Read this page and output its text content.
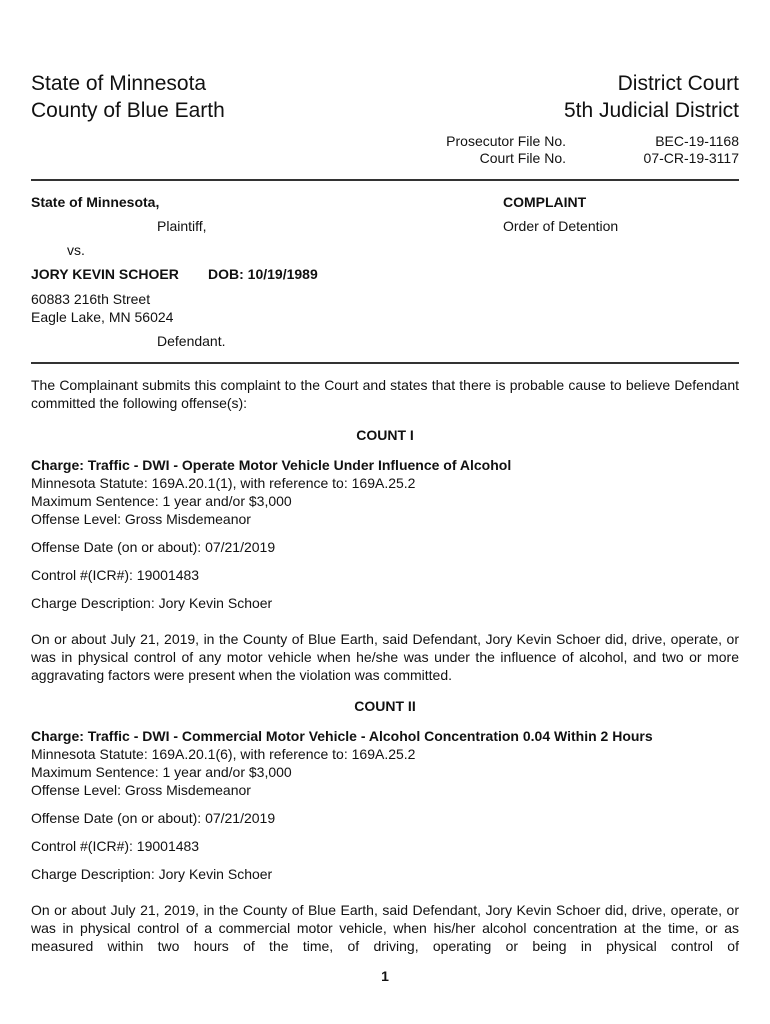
State of Minnesota
County of Blue Earth
District Court
5th Judicial District
Prosecutor File No.	BEC-19-1168
Court File No.	07-CR-19-3117
State of Minnesota,
Plaintiff,
vs.
JORY KEVIN SCHOER DOB: 10/19/1989
60883 216th Street
Eagle Lake, MN 56024
Defendant.
COMPLAINT
Order of Detention
The Complainant submits this complaint to the Court and states that there is probable cause to believe Defendant committed the following offense(s):
COUNT I
Charge: Traffic - DWI - Operate Motor Vehicle Under Influence of Alcohol
Minnesota Statute: 169A.20.1(1), with reference to: 169A.25.2
Maximum Sentence: 1 year and/or $3,000
Offense Level: Gross Misdemeanor
Offense Date (on or about): 07/21/2019
Control #(ICR#): 19001483
Charge Description: Jory Kevin Schoer
On or about July 21, 2019, in the County of Blue Earth, said Defendant, Jory Kevin Schoer did, drive, operate, or was in physical control of any motor vehicle when he/she was under the influence of alcohol, and two or more aggravating factors were present when the violation was committed.
COUNT II
Charge: Traffic - DWI - Commercial Motor Vehicle - Alcohol Concentration 0.04 Within 2 Hours
Minnesota Statute: 169A.20.1(6), with reference to: 169A.25.2
Maximum Sentence: 1 year and/or $3,000
Offense Level: Gross Misdemeanor
Offense Date (on or about): 07/21/2019
Control #(ICR#): 19001483
Charge Description: Jory Kevin Schoer
On or about July 21, 2019, in the County of Blue Earth, said Defendant, Jory Kevin Schoer did, drive, operate, or was in physical control of a commercial motor vehicle, when his/her alcohol concentration at the time, or as measured within two hours of the time, of driving, operating or being in physical control of
1
